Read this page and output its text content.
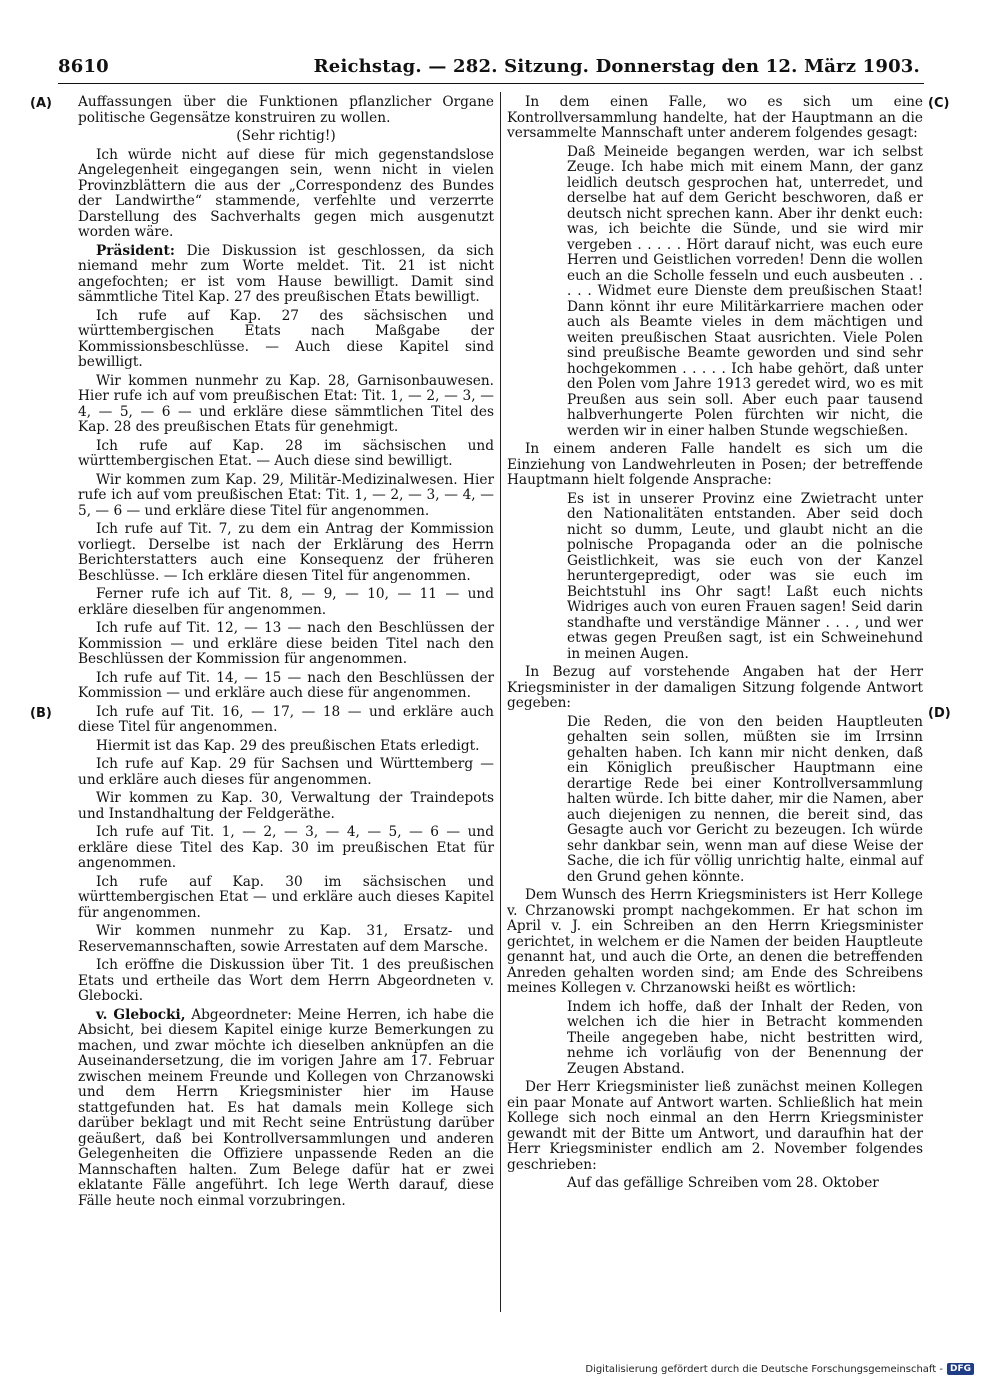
8610	Reichstag. — 282. Sitzung. Donnerstag den 12. März 1903.
(A)
(B)
(C)
(D)

Auffassungen über die Funktionen pflanzlicher Organe politische Gegensätze konstruiren zu wollen.

(Sehr richtig!)

Ich würde nicht auf diese für mich gegenstandslose Angelegenheit eingegangen sein, wenn nicht in vielen Provinzblättern die aus der „Correspondenz des Bundes der Landwirthe“ stammende, verfehlte und verzerrte Darstellung des Sachverhalts gegen mich ausgenutzt worden wäre.

Präsident: Die Diskussion ist geschlossen, da sich niemand mehr zum Worte meldet. Tit. 21 ist nicht angefochten; er ist vom Hause bewilligt. Damit sind sämmtliche Titel Kap. 27 des preußischen Etats bewilligt.

Ich rufe auf Kap. 27 des sächsischen und württembergischen Etats nach Maßgabe der Kommissionsbeschlüsse. — Auch diese Kapitel sind bewilligt.

Wir kommen nunmehr zu Kap. 28, Garnisonbauwesen. Hier rufe ich auf vom preußischen Etat: Tit. 1, — 2, — 3, — 4, — 5, — 6 — und erkläre diese sämmtlichen Titel des Kap. 28 des preußischen Etats für genehmigt.

Ich rufe auf Kap. 28 im sächsischen und württembergischen Etat. — Auch diese sind bewilligt.

Wir kommen zum Kap. 29, Militär-Medizinalwesen. Hier rufe ich auf vom preußischen Etat: Tit. 1, — 2, — 3, — 4, — 5, — 6 — und erkläre diese Titel für angenommen.

Ich rufe auf Tit. 7, zu dem ein Antrag der Kommission vorliegt. Derselbe ist nach der Erklärung des Herrn Berichterstatters auch eine Konsequenz der früheren Beschlüsse. — Ich erkläre diesen Titel für angenommen.

Ferner rufe ich auf Tit. 8, — 9, — 10, — 11 — und erkläre dieselben für angenommen.

Ich rufe auf Tit. 12, — 13 — nach den Beschlüssen der Kommission — und erkläre diese beiden Titel nach den Beschlüssen der Kommission für angenommen.

Ich rufe auf Tit. 14, — 15 — nach den Beschlüssen der Kommission — und erkläre auch diese für angenommen.

Ich rufe auf Tit. 16, — 17, — 18 — und erkläre auch diese Titel für angenommen.

Hiermit ist das Kap. 29 des preußischen Etats erledigt.

Ich rufe auf Kap. 29 für Sachsen und Württemberg — und erkläre auch dieses für angenommen.

Wir kommen zu Kap. 30, Verwaltung der Traindepots und Instandhaltung der Feldgeräthe.

Ich rufe auf Tit. 1, — 2, — 3, — 4, — 5, — 6 — und erkläre diese Titel des Kap. 30 im preußischen Etat für angenommen.

Ich rufe auf Kap. 30 im sächsischen und württembergischen Etat — und erkläre auch dieses Kapitel für angenommen.

Wir kommen nunmehr zu Kap. 31, Ersatz- und Reservemannschaften, sowie Arrestaten auf dem Marsche.

Ich eröffne die Diskussion über Tit. 1 des preußischen Etats und ertheile das Wort dem Herrn Abgeordneten v. Glebocki.

v. Glebocki, Abgeordneter: Meine Herren, ich habe die Absicht, bei diesem Kapitel einige kurze Bemerkungen zu machen, und zwar möchte ich dieselben anknüpfen an die Auseinandersetzung, die im vorigen Jahre am 17. Februar zwischen meinem Freunde und Kollegen von Chrzanowski und dem Herrn Kriegsminister hier im Hause stattgefunden hat. Es hat damals mein Kollege sich darüber beklagt und mit Recht seine Entrüstung darüber geäußert, daß bei Kontrollversammlungen und anderen Gelegenheiten die Offiziere unpassende Reden an die Mannschaften halten. Zum Belege dafür hat er zwei eklatante Fälle angeführt. Ich lege Werth darauf, diese Fälle heute noch einmal vorzubringen.

In dem einen Falle, wo es sich um eine Kontrollversammlung handelte, hat der Hauptmann an die versammelte Mannschaft unter anderem folgendes gesagt:

Daß Meineide begangen werden, war ich selbst Zeuge. Ich habe mich mit einem Mann, der ganz leidlich deutsch gesprochen hat, unterredet, und derselbe hat auf dem Gericht beschworen, daß er deutsch nicht sprechen kann. Aber ihr denkt euch: was, ich beichte die Sünde, und sie wird mir vergeben . . . . . Hört darauf nicht, was euch eure Herren und Geistlichen vorreden! Denn die wollen euch an die Scholle fesseln und euch ausbeuten . . . . . Widmet eure Dienste dem preußischen Staat! Dann könnt ihr eure Militärkarriere machen oder auch als Beamte vieles in dem mächtigen und weiten preußischen Staat ausrichten. Viele Polen sind preußische Beamte geworden und sind sehr hochgekommen . . . . . Ich habe gehört, daß unter den Polen vom Jahre 1913 geredet wird, wo es mit Preußen aus sein soll. Aber euch paar tausend halbverhungerte Polen fürchten wir nicht, die werden wir in einer halben Stunde wegschießen.

In einem anderen Falle handelt es sich um die Einziehung von Landwehrleuten in Posen; der betreffende Hauptmann hielt folgende Ansprache:

Es ist in unserer Provinz eine Zwietracht unter den Nationalitäten entstanden. Aber seid doch nicht so dumm, Leute, und glaubt nicht an die polnische Propaganda oder an die polnische Geistlichkeit, was sie euch von der Kanzel heruntergepredigt, oder was sie euch im Beichtstuhl ins Ohr sagt! Laßt euch nichts Widriges auch von euren Frauen sagen! Seid darin standhafte und verständige Männer . . . , und wer etwas gegen Preußen sagt, ist ein Schweinehund in meinen Augen.

In Bezug auf vorstehende Angaben hat der Herr Kriegsminister in der damaligen Sitzung folgende Antwort gegeben:

Die Reden, die von den beiden Hauptleuten gehalten sein sollen, müßten sie im Irrsinn gehalten haben. Ich kann mir nicht denken, daß ein Königlich preußischer Hauptmann eine derartige Rede bei einer Kontrollversammlung halten würde. Ich bitte daher, mir die Namen, aber auch diejenigen zu nennen, die bereit sind, das Gesagte auch vor Gericht zu bezeugen. Ich würde sehr dankbar sein, wenn man auf diese Weise der Sache, die ich für völlig unrichtig halte, einmal auf den Grund gehen könnte.

Dem Wunsch des Herrn Kriegsministers ist Herr Kollege v. Chrzanowski prompt nachgekommen. Er hat schon im April v. J. ein Schreiben an den Herrn Kriegsminister gerichtet, in welchem er die Namen der beiden Hauptleute genannt hat, und auch die Orte, an denen die betreffenden Anreden gehalten worden sind; am Ende des Schreibens meines Kollegen v. Chrzanowski heißt es wörtlich:

Indem ich hoffe, daß der Inhalt der Reden, von welchen ich die hier in Betracht kommenden Theile angegeben habe, nicht bestritten wird, nehme ich vorläufig von der Benennung der Zeugen Abstand.

Der Herr Kriegsminister ließ zunächst meinen Kollegen ein paar Monate auf Antwort warten. Schließlich hat mein Kollege sich noch einmal an den Herrn Kriegsminister gewandt mit der Bitte um Antwort, und daraufhin hat der Herr Kriegsminister endlich am 2. November folgendes geschrieben:

Auf das gefällige Schreiben vom 28. Oktober

Digitalisierung gefördert durch die Deutsche Forschungsgemeinschaft - DFG
